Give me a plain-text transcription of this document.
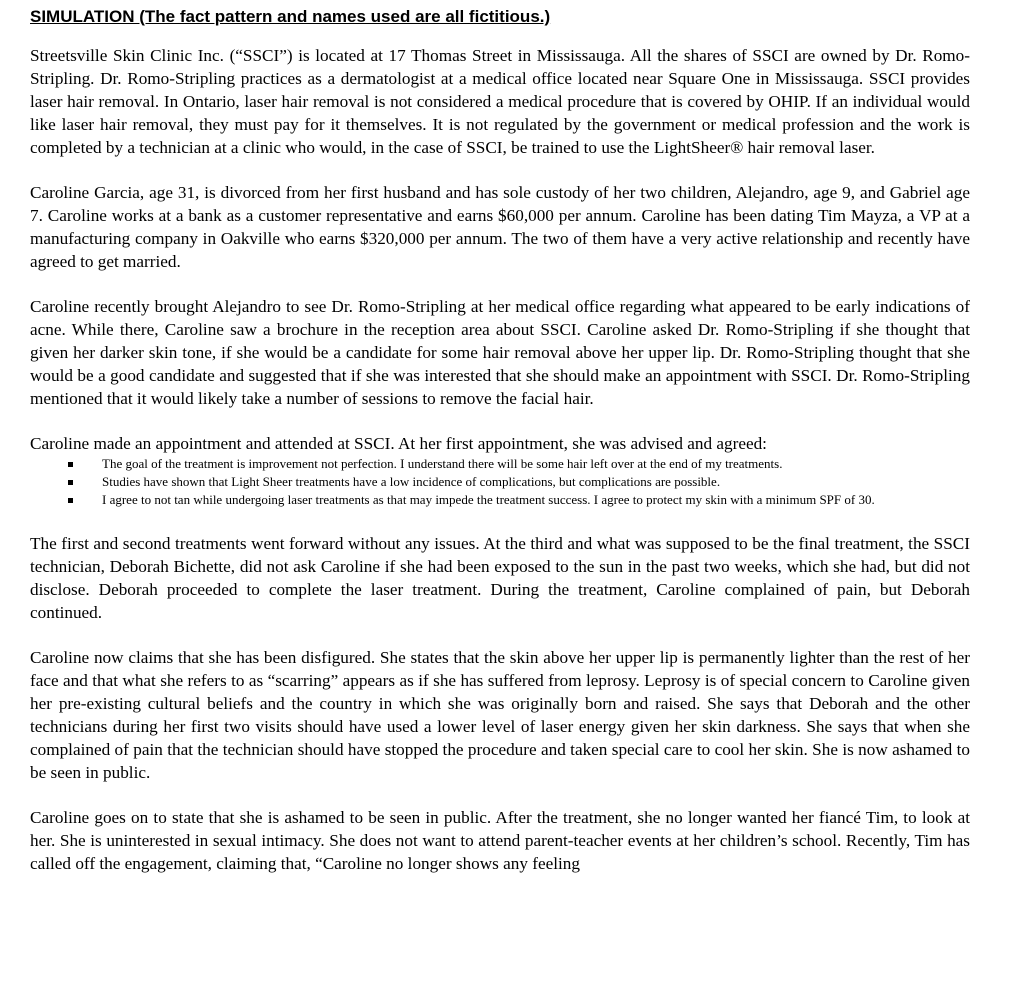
SIMULATION (The fact pattern and names used are all fictitious.)

Streetsville Skin Clinic Inc. (“SSCI”) is located at 17 Thomas Street in Mississauga. All the shares of SSCI are owned by Dr. Romo-Stripling. Dr. Romo-Stripling practices as a dermatologist at a medical office located near Square One in Mississauga. SSCI provides laser hair removal. In Ontario, laser hair removal is not considered a medical procedure that is covered by OHIP. If an individual would like laser hair removal, they must pay for it themselves. It is not regulated by the government or medical profession and the work is completed by a technician at a clinic who would, in the case of SSCI, be trained to use the LightSheer® hair removal laser.

Caroline Garcia, age 31, is divorced from her first husband and has sole custody of her two children, Alejandro, age 9, and Gabriel age 7. Caroline works at a bank as a customer representative and earns $60,000 per annum. Caroline has been dating Tim Mayza, a VP at a manufacturing company in Oakville who earns $320,000 per annum. The two of them have a very active relationship and recently have agreed to get married.

Caroline recently brought Alejandro to see Dr. Romo-Stripling at her medical office regarding what appeared to be early indications of acne. While there, Caroline saw a brochure in the reception area about SSCI. Caroline asked Dr. Romo-Stripling if she thought that given her darker skin tone, if she would be a candidate for some hair removal above her upper lip. Dr. Romo-Stripling thought that she would be a good candidate and suggested that if she was interested that she should make an appointment with SSCI. Dr. Romo-Stripling mentioned that it would likely take a number of sessions to remove the facial hair.

Caroline made an appointment and attended at SSCI. At her first appointment, she was advised and agreed:

The goal of the treatment is improvement not perfection. I understand there will be some hair left over at the end of my treatments.
Studies have shown that Light Sheer treatments have a low incidence of complications, but complications are possible.
I agree to not tan while undergoing laser treatments as that may impede the treatment success. I agree to protect my skin with a minimum SPF of 30.

The first and second treatments went forward without any issues. At the third and what was supposed to be the final treatment, the SSCI technician, Deborah Bichette, did not ask Caroline if she had been exposed to the sun in the past two weeks, which she had, but did not disclose. Deborah proceeded to complete the laser treatment. During the treatment, Caroline complained of pain, but Deborah continued.

Caroline now claims that she has been disfigured. She states that the skin above her upper lip is permanently lighter than the rest of her face and that what she refers to as “scarring” appears as if she has suffered from leprosy. Leprosy is of special concern to Caroline given her pre-existing cultural beliefs and the country in which she was originally born and raised. She says that Deborah and the other technicians during her first two visits should have used a lower level of laser energy given her skin darkness. She says that when she complained of pain that the technician should have stopped the procedure and taken special care to cool her skin. She is now ashamed to be seen in public.

Caroline goes on to state that she is ashamed to be seen in public. After the treatment, she no longer wanted her fiancé Tim, to look at her. She is uninterested in sexual intimacy. She does not want to attend parent-teacher events at her children’s school. Recently, Tim has called off the engagement, claiming that, “Caroline no longer shows any feeling
